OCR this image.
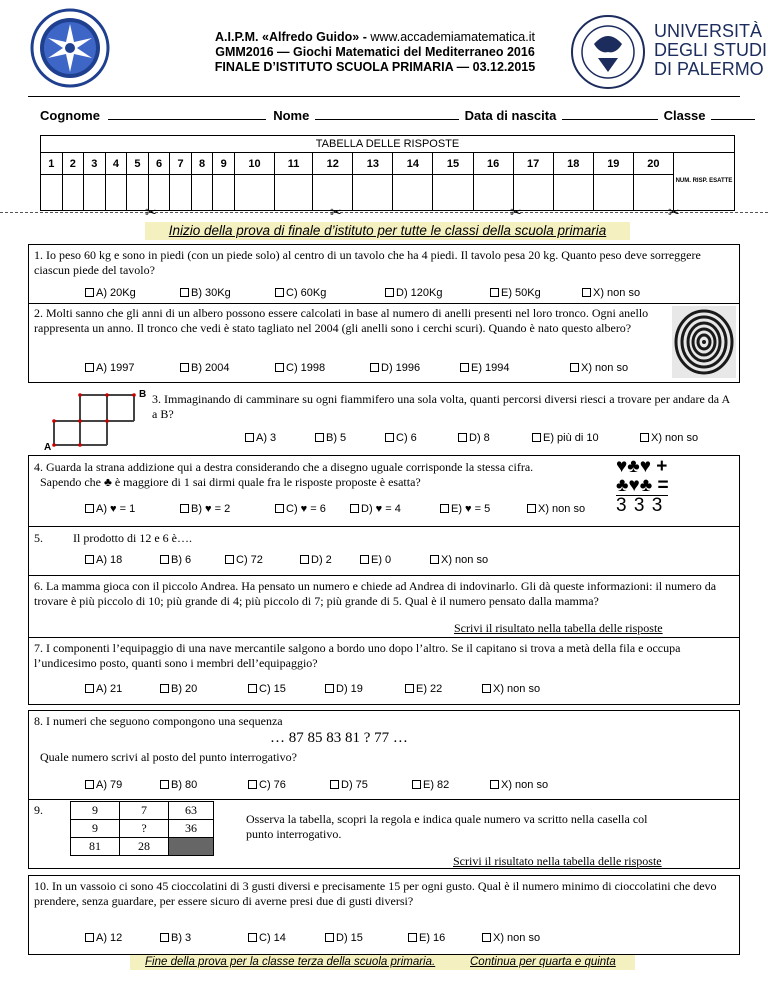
A.I.P.M. «Alfredo Guido» - www.accademiamatematica.it
GMM2016 — Giochi Matematici del Mediterraneo 2016
FINALE D’ISTITUTO SCUOLA PRIMARIA — 03.12.2015
UNIVERSITÀ
DEGLI STUDI
DI PALERMO
Cognome	Nome	Data di nascita	Classe
TABELLA DELLE RISPOSTE
1	2	3	4	5	6	7	8	9	10	11	12	13	14	15	16	17	18	19	20	NUM. RISP. ESATTE

✂	✂	✂	✂
Inizio della prova di finale d’istituto per tutte le classi della scuola primaria
1. Io peso 60 kg e sono in piedi (con un piede solo) al centro di un tavolo che ha 4 piedi. Il tavolo pesa 20 kg. Quanto peso deve sorreggere ciascun piede del tavolo?
2. Molti sanno che gli anni di un albero possono essere calcolati in base al numero di anelli presenti nel loro tronco. Ogni anello rappresenta un anno. Il tronco che vedi è stato tagliato nel 2004 (gli anelli sono i cerchi scuri). Quando è nato questo albero?
B
A
3. Immaginando di camminare su ogni fiammifero una sola volta, quanti percorsi diversi riesci a trovare per andare da A a B?
4. Guarda la strana addizione qui a destra considerando che a disegno uguale corrisponde la stessa cifra.
Sapendo che ♣ è maggiore di 1 sai dirmi quale fra le risposte proposte è esatta?
♥♣♥ +
♣♥♣ =
3 3 3
5.	Il prodotto di 12 e 6 è….
6. La mamma gioca con il piccolo Andrea. Ha pensato un numero e chiede ad Andrea di indovinarlo. Gli dà queste informazioni: il numero da trovare è più piccolo di 10; più grande di 4; più piccolo di 7; più grande di 5. Qual è il numero pensato dalla mamma?
Scrivi il risultato nella tabella delle risposte
7. I componenti l’equipaggio di una nave mercantile salgono a bordo uno dopo l’altro. Se il capitano si trova a metà della fila e occupa l’undicesimo posto, quanti sono i membri dell’equipaggio?
8. I numeri che seguono compongono una sequenza
… 87 85 83 81 ? 77 …
Quale numero scrivi al posto del punto interrogativo?
9.	9	7	63
9	?	36
81	28	
Osserva la tabella, scopri la regola e indica quale numero va scritto nella casella col punto interrogativo.
Scrivi il risultato nella tabella delle risposte
10. In un vassoio ci sono 45 cioccolatini di 3 gusti diversi e precisamente 15 per ogni gusto. Qual è il numero minimo di cioccolatini che devo prendere, senza guardare, per essere sicuro di averne presi due di gusti diversi?
Fine della prova per la classe terza della scuola primaria.	Continua per quarta e quinta
A) 20Kg	B) 30Kg	C) 60Kg	D) 120Kg	E) 50Kg	X) non so
A) 1997	B) 2004	C) 1998	D) 1996	E) 1994	X) non so
A) 3	B) 5	C) 6	D) 8	E) più di 10	X) non so
A) ♥ = 1	B) ♥ = 2	C) ♥ = 6	D) ♥ = 4	E) ♥ = 5	X) non so
A) 18	B) 6	C) 72	D) 2	E) 0	X) non so
A) 21	B) 20	C) 15	D) 19	E) 22	X) non so
A) 79	B) 80	C) 76	D) 75	E) 82	X) non so
A) 12	B) 3	C) 14	D) 15	E) 16	X) non so
